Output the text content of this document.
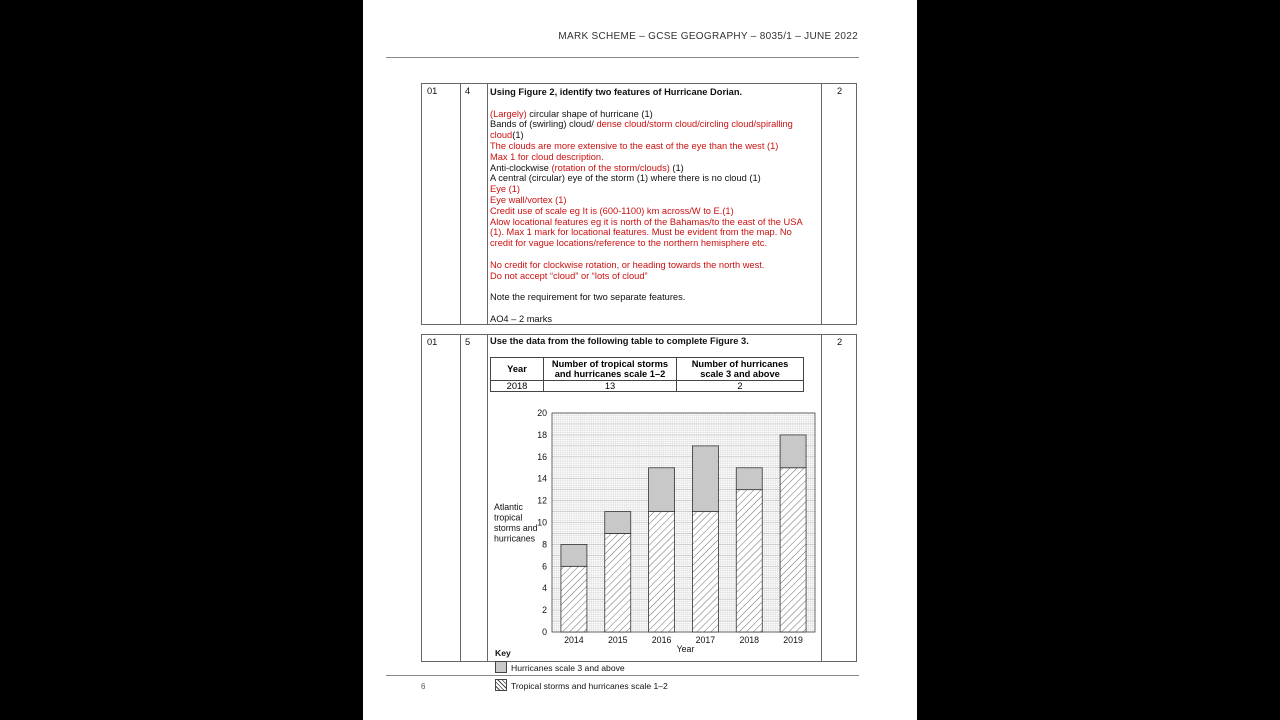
MARK SCHEME – GCSE GEOGRAPHY – 8035/1 – JUNE 2022
01	4	2
Using Figure 2, identify two features of Hurricane Dorian.
(Largely) circular shape of hurricane (1)
Bands of (swirling) cloud/ dense cloud/storm cloud/circling cloud/spiralling cloud(1)
The clouds are more extensive to the east of the eye than the west (1)
Max 1 for cloud description.
Anti-clockwise (rotation of the storm/clouds) (1)
A central (circular) eye of the storm (1) where there is no cloud (1)
Eye (1)
Eye wall/vortex (1)
Credit use of scale eg It is (600-1100) km across/W to E.(1)
Alow locational features eg it is north of the Bahamas/to the east of the USA (1). Max 1 mark for locational features. Must be evident from the map. No credit for vague locations/reference to the northern hemisphere etc.
No credit for clockwise rotation, or heading towards the north west.
Do not accept “cloud” or “lots of cloud”
Note the requirement for two separate features.
AO4 – 2 marks
01	5	2
Use the data from the following table to complete Figure 3.
Year	Number of tropical storms and hurricanes scale 1–2	Number of hurricanes scale 3 and above
2018	13	2
0
2
4
6
8
10
12
14
16
18
20
Atlantic
tropical
storms and
hurricanes
2014	2015	2016	2017	2018	2019
Year
Key
Hurricanes scale 3 and above
Tropical storms and hurricanes scale 1–2
6
